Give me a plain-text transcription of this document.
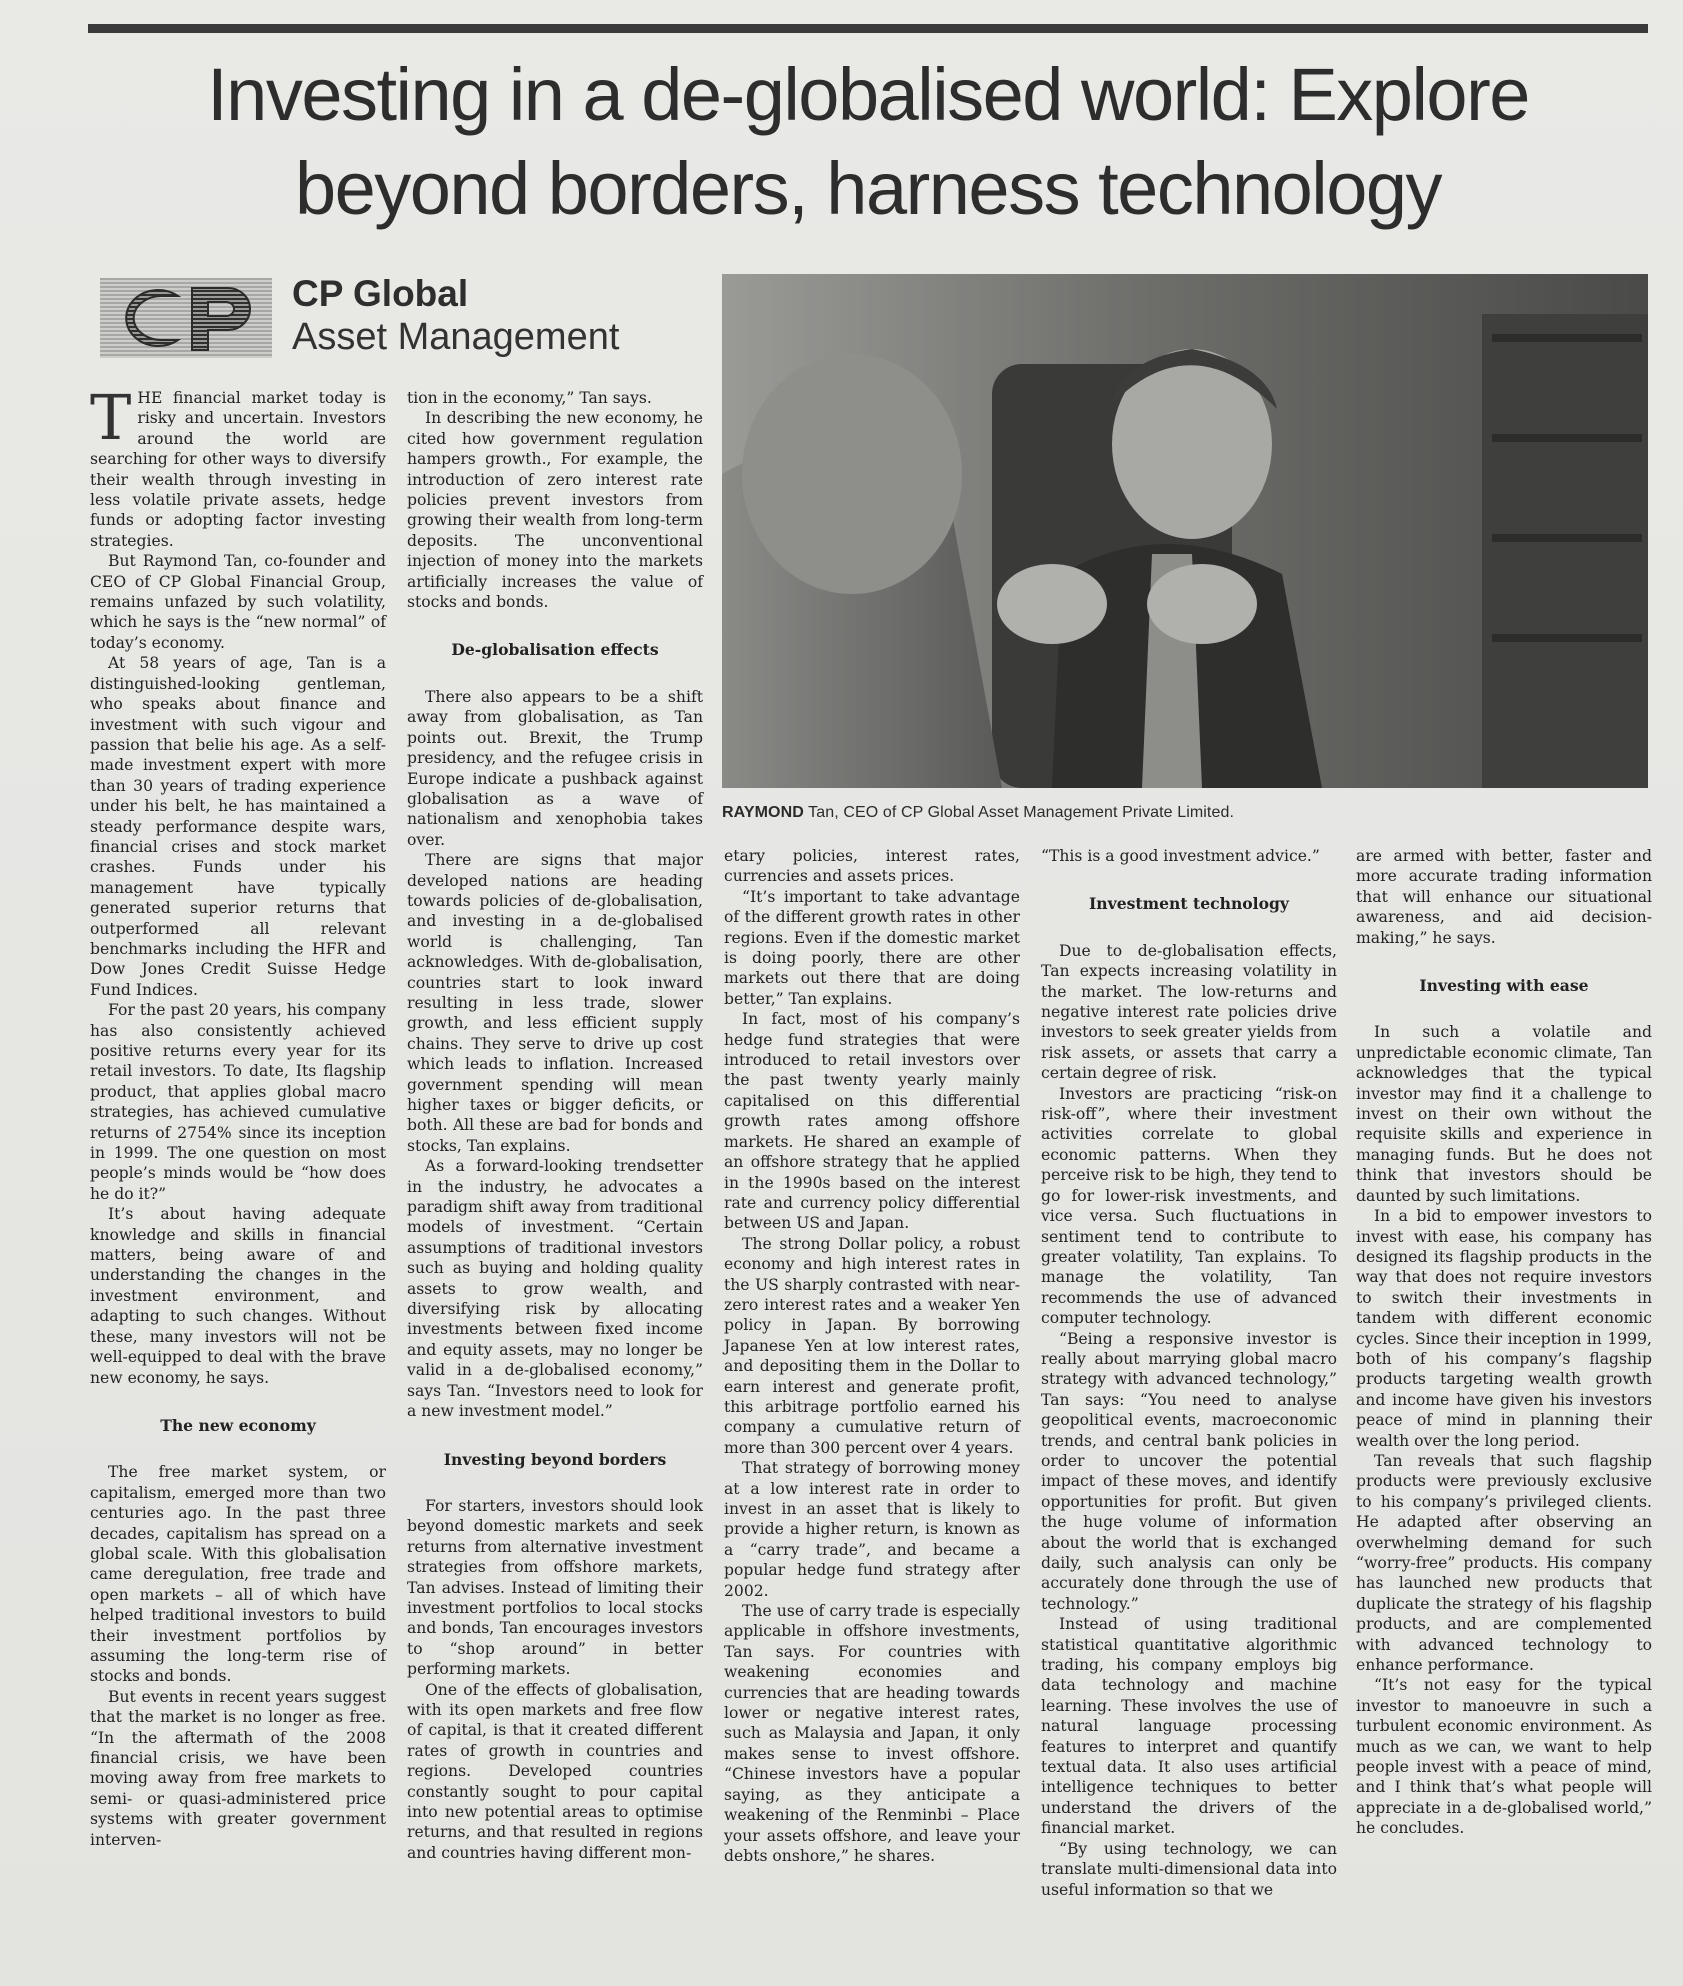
Investing in a de-globalised world: Explore
beyond borders, harness technology
CP Global
Asset Management
RAYMOND Tan, CEO of CP Global Asset Management Private Limited.

THE financial market today is risky and uncertain. Investors around the world are searching for other ways to diversify their wealth through investing in less volatile private assets, hedge funds or adopting factor investing strategies.

But Raymond Tan, co-founder and CEO of CP Global Financial Group, remains unfazed by such volatility, which he says is the “new normal” of today’s economy.

At 58 years of age, Tan is a distinguished-looking gentleman, who speaks about finance and investment with such vigour and passion that belie his age. As a self-made investment expert with more than 30 years of trading experience under his belt, he has maintained a steady performance despite wars, financial crises and stock market crashes. Funds under his management have typically generated superior returns that outperformed all relevant benchmarks including the HFR and Dow Jones Credit Suisse Hedge Fund Indices.

For the past 20 years, his company has also consistently achieved positive returns every year for its retail investors. To date, Its flagship product, that applies global macro strategies, has achieved cumulative returns of 2754% since its inception in 1999. The one question on most people’s minds would be “how does he do it?”

It’s about having adequate knowledge and skills in financial matters, being aware of and understanding the changes in the investment environment, and adapting to such changes. Without these, many investors will not be well-equipped to deal with the brave new economy, he says.

The new economy

The free market system, or capitalism, emerged more than two centuries ago. In the past three decades, capitalism has spread on a global scale. With this globalisation came deregulation, free trade and open markets – all of which have helped traditional investors to build their investment portfolios by assuming the long-term rise of stocks and bonds.

But events in recent years suggest that the market is no longer as free. “In the aftermath of the 2008 financial crisis, we have been moving away from free markets to semi- or quasi-administered price systems with greater government interven-

tion in the economy,” Tan says.

In describing the new economy, he cited how government regulation hampers growth., For example, the introduction of zero interest rate policies prevent investors from growing their wealth from long-term deposits. The unconventional injection of money into the markets artificially increases the value of stocks and bonds.

De-globalisation effects

There also appears to be a shift away from globalisation, as Tan points out. Brexit, the Trump presidency, and the refugee crisis in Europe indicate a pushback against globalisation as a wave of nationalism and xenophobia takes over.

There are signs that major developed nations are heading towards policies of de-globalisation, and investing in a de-globalised world is challenging, Tan acknowledges. With de-globalisation, countries start to look inward resulting in less trade, slower growth, and less efficient supply chains. They serve to drive up cost which leads to inflation. Increased government spending will mean higher taxes or bigger deficits, or both. All these are bad for bonds and stocks, Tan explains.

As a forward-looking trendsetter in the industry, he advocates a paradigm shift away from traditional models of investment. “Certain assumptions of traditional investors such as buying and holding quality assets to grow wealth, and diversifying risk by allocating investments between fixed income and equity assets, may no longer be valid in a de-globalised economy,” says Tan. “Investors need to look for a new investment model.”

Investing beyond borders

For starters, investors should look beyond domestic markets and seek returns from alternative investment strategies from offshore markets, Tan advises. Instead of limiting their investment portfolios to local stocks and bonds, Tan encourages investors to “shop around” in better performing markets.

One of the effects of globalisation, with its open markets and free flow of capital, is that it created different rates of growth in countries and regions. Developed countries constantly sought to pour capital into new potential areas to optimise returns, and that resulted in regions and countries having different mon-

etary policies, interest rates, currencies and assets prices.

“It’s important to take advantage of the different growth rates in other regions. Even if the domestic market is doing poorly, there are other markets out there that are doing better,” Tan explains.

In fact, most of his company’s hedge fund strategies that were introduced to retail investors over the past twenty yearly mainly capitalised on this differential growth rates among offshore markets. He shared an example of an offshore strategy that he applied in the 1990s based on the interest rate and currency policy differential between US and Japan.

The strong Dollar policy, a robust economy and high interest rates in the US sharply contrasted with near-zero interest rates and a weaker Yen policy in Japan. By borrowing Japanese Yen at low interest rates, and depositing them in the Dollar to earn interest and generate profit, this arbitrage portfolio earned his company a cumulative return of more than 300 percent over 4 years.

That strategy of borrowing money at a low interest rate in order to invest in an asset that is likely to provide a higher return, is known as a “carry trade”, and became a popular hedge fund strategy after 2002.

The use of carry trade is especially applicable in offshore investments, Tan says. For countries with weakening economies and currencies that are heading towards lower or negative interest rates, such as Malaysia and Japan, it only makes sense to invest offshore. “Chinese investors have a popular saying, as they anticipate a weakening of the Renminbi – Place your assets offshore, and leave your debts onshore,” he shares.

“This is a good investment advice.”

Investment technology

Due to de-globalisation effects, Tan expects increasing volatility in the market. The low-returns and negative interest rate policies drive investors to seek greater yields from risk assets, or assets that carry a certain degree of risk.

Investors are practicing “risk-on risk-off”, where their investment activities correlate to global economic patterns. When they perceive risk to be high, they tend to go for lower-risk investments, and vice versa. Such fluctuations in sentiment tend to contribute to greater volatility, Tan explains. To manage the volatility, Tan recommends the use of advanced computer technology.

“Being a responsive investor is really about marrying global macro strategy with advanced technology,” Tan says: “You need to analyse geopolitical events, macroeconomic trends, and central bank policies in order to uncover the potential impact of these moves, and identify opportunities for profit. But given the huge volume of information about the world that is exchanged daily, such analysis can only be accurately done through the use of technology.”

Instead of using traditional statistical quantitative algorithmic trading, his company employs big data technology and machine learning. These involves the use of natural language processing features to interpret and quantify textual data. It also uses artificial intelligence techniques to better understand the drivers of the financial market.

“By using technology, we can translate multi-dimensional data into useful information so that we

are armed with better, faster and more accurate trading information that will enhance our situational awareness, and aid decision-making,” he says.

Investing with ease

In such a volatile and unpredictable economic climate, Tan acknowledges that the typical investor may find it a challenge to invest on their own without the requisite skills and experience in managing funds. But he does not think that investors should be daunted by such limitations.

In a bid to empower investors to invest with ease, his company has designed its flagship products in the way that does not require investors to switch their investments in tandem with different economic cycles. Since their inception in 1999, both of his company’s flagship products targeting wealth growth and income have given his investors peace of mind in planning their wealth over the long period.

Tan reveals that such flagship products were previously exclusive to his company’s privileged clients. He adapted after observing an overwhelming demand for such “worry-free” products. His company has launched new products that duplicate the strategy of his flagship products, and are complemented with advanced technology to enhance performance.

“It’s not easy for the typical investor to manoeuvre in such a turbulent economic environment. As much as we can, we want to help people invest with a peace of mind, and I think that’s what people will appreciate in a de-globalised world,” he concludes.
